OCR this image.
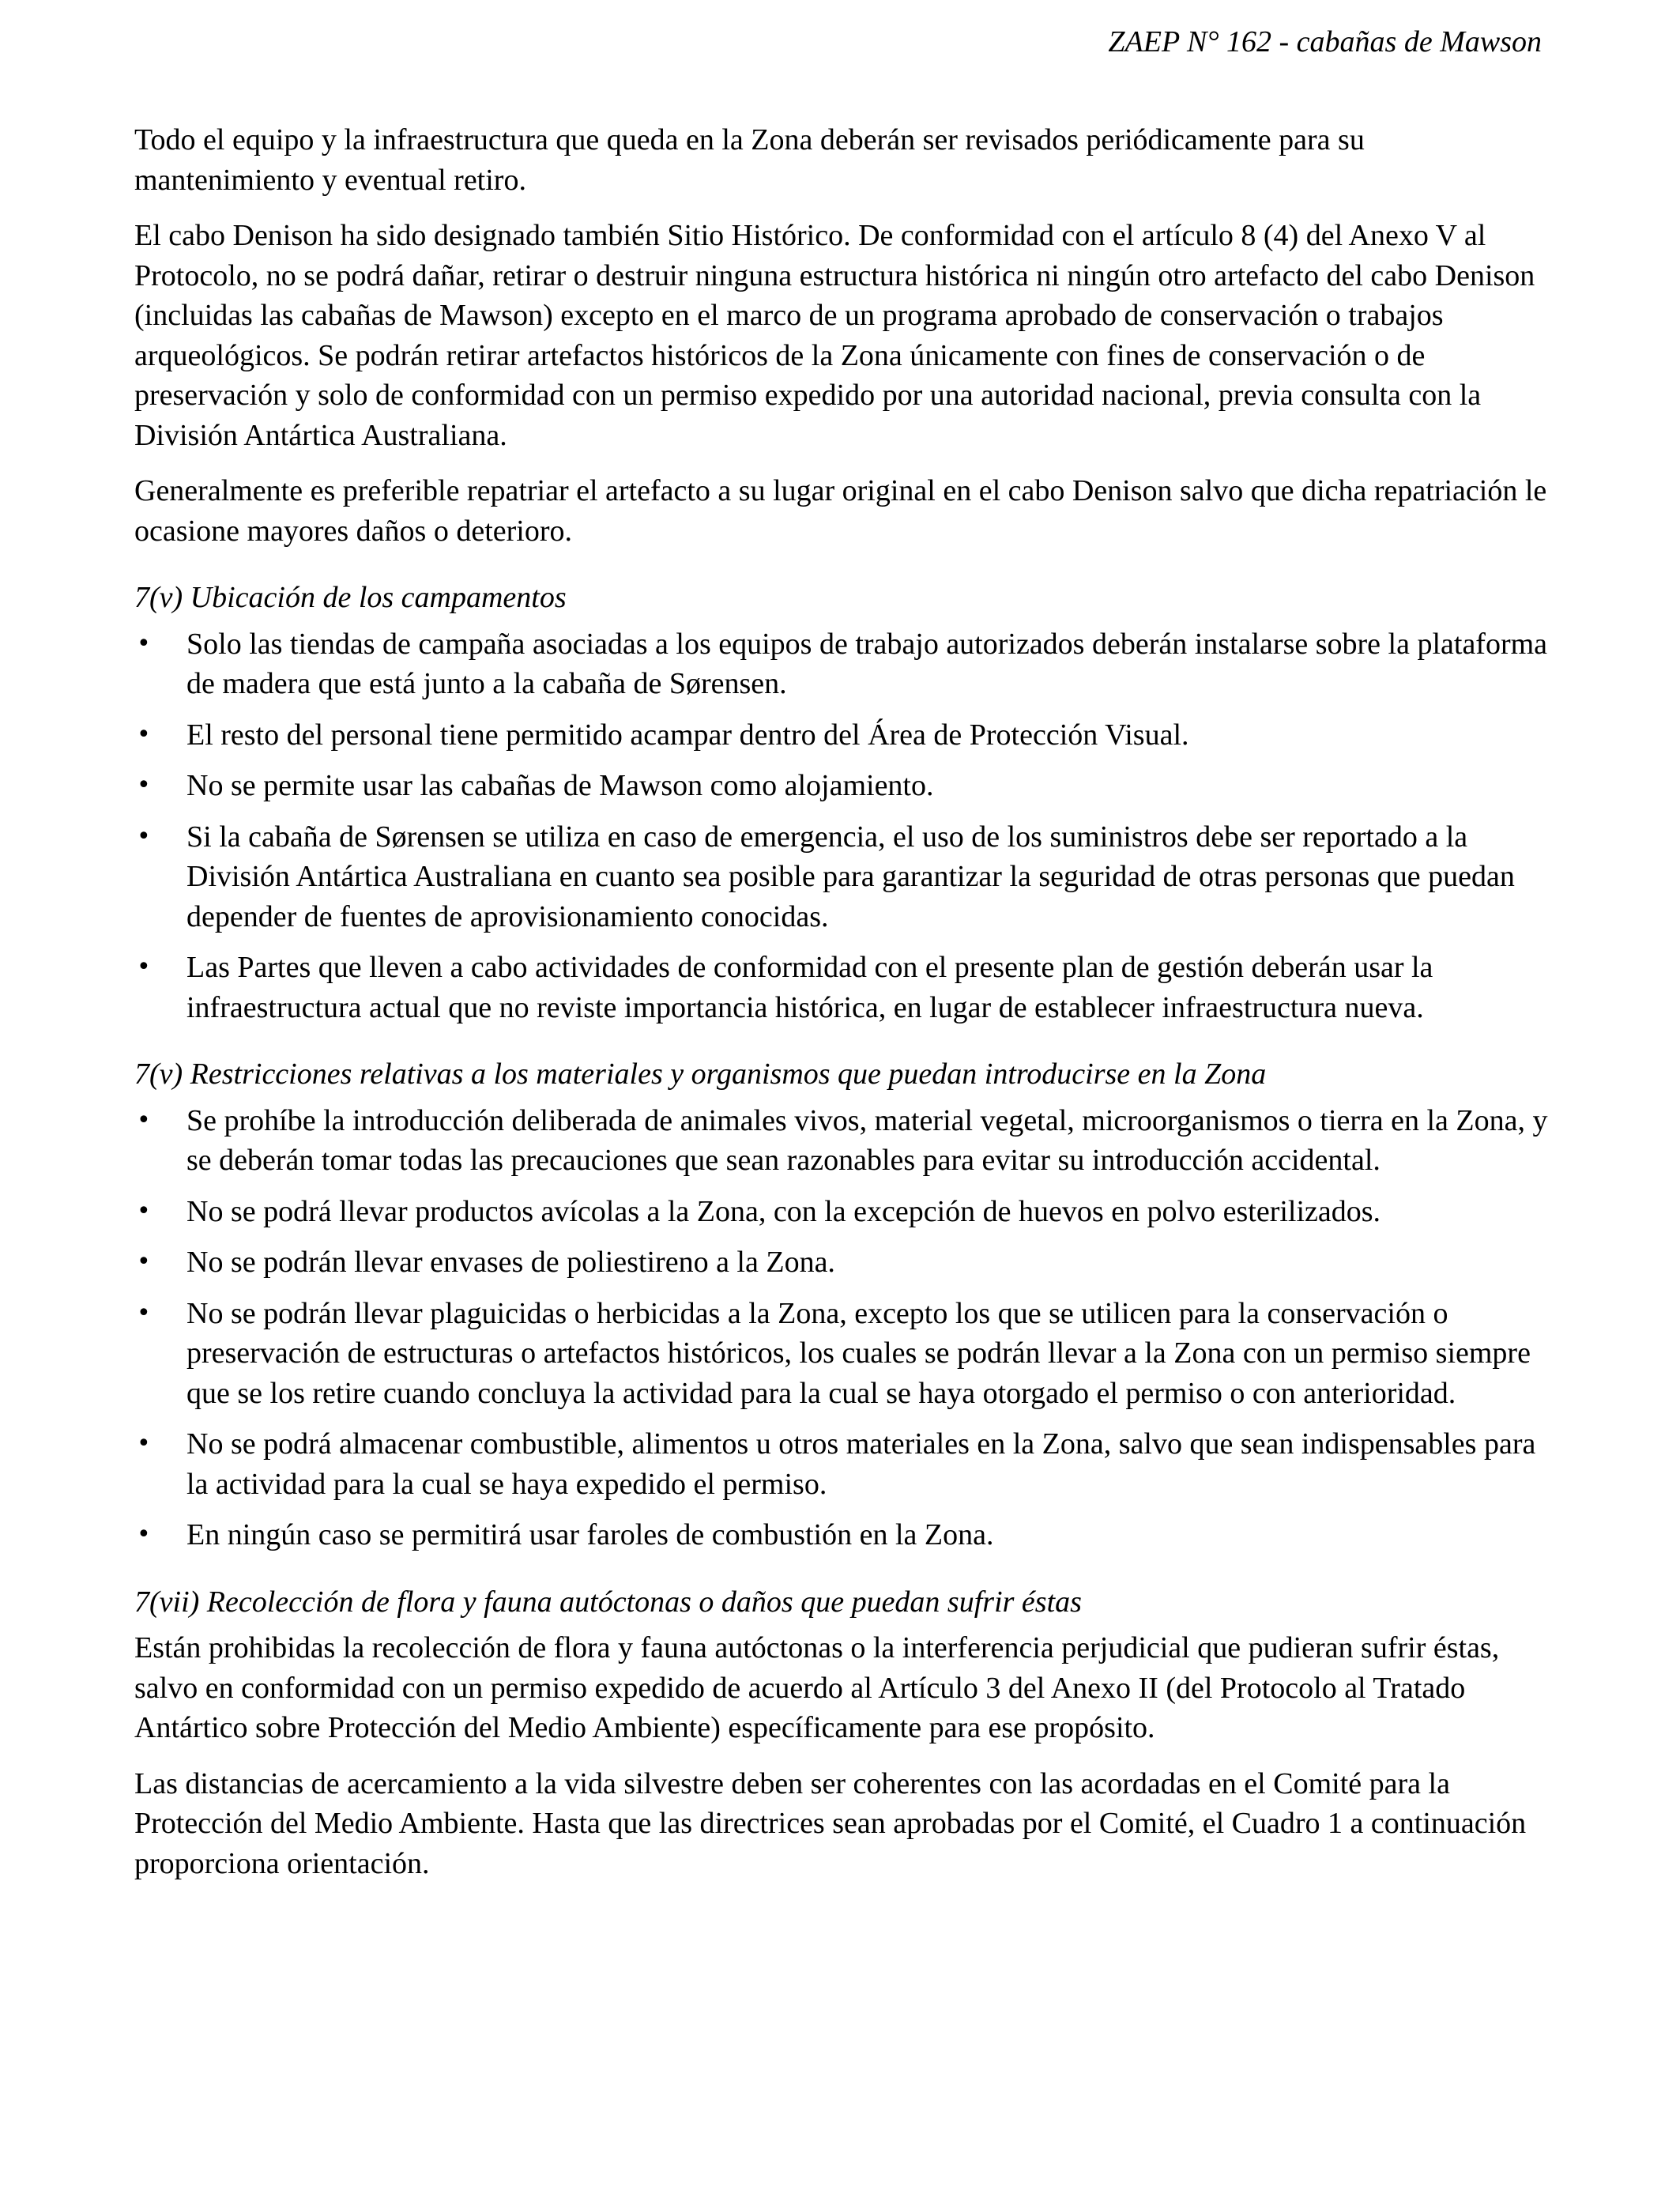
ZAEP N° 162 - cabañas de Mawson

Todo el equipo y la infraestructura que queda en la Zona deberán ser revisados periódicamente para su mantenimiento y eventual retiro.

El cabo Denison ha sido designado también Sitio Histórico. De conformidad con el artículo 8 (4) del Anexo V al Protocolo, no se podrá dañar, retirar o destruir ninguna estructura histórica ni ningún otro artefacto del cabo Denison (incluidas las cabañas de Mawson) excepto en el marco de un programa aprobado de conservación o trabajos arqueológicos. Se podrán retirar artefactos históricos de la Zona únicamente con fines de conservación o de preservación y solo de conformidad con un permiso expedido por una autoridad nacional, previa consulta con la División Antártica Australiana.

Generalmente es preferible repatriar el artefacto a su lugar original en el cabo Denison salvo que dicha repatriación le ocasione mayores daños o deterioro.

7(v) Ubicación de los campamentos
• Solo las tiendas de campaña asociadas a los equipos de trabajo autorizados deberán instalarse sobre la plataforma de madera que está junto a la cabaña de Sørensen.
• El resto del personal tiene permitido acampar dentro del Área de Protección Visual.
• No se permite usar las cabañas de Mawson como alojamiento.
• Si la cabaña de Sørensen se utiliza en caso de emergencia, el uso de los suministros debe ser reportado a la División Antártica Australiana en cuanto sea posible para garantizar la seguridad de otras personas que puedan depender de fuentes de aprovisionamiento conocidas.
• Las Partes que lleven a cabo actividades de conformidad con el presente plan de gestión deberán usar la infraestructura actual que no reviste importancia histórica, en lugar de establecer infraestructura nueva.
7(v) Restricciones relativas a los materiales y organismos que puedan introducirse en la Zona
• Se prohíbe la introducción deliberada de animales vivos, material vegetal, microorganismos o tierra en la Zona, y se deberán tomar todas las precauciones que sean razonables para evitar su introducción accidental.
• No se podrá llevar productos avícolas a la Zona, con la excepción de huevos en polvo esterilizados.
• No se podrán llevar envases de poliestireno a la Zona.
• No se podrán llevar plaguicidas o herbicidas a la Zona, excepto los que se utilicen para la conservación o preservación de estructuras o artefactos históricos, los cuales se podrán llevar a la Zona con un permiso siempre que se los retire cuando concluya la actividad para la cual se haya otorgado el permiso o con anterioridad.
• No se podrá almacenar combustible, alimentos u otros materiales en la Zona, salvo que sean indispensables para la actividad para la cual se haya expedido el permiso.
• En ningún caso se permitirá usar faroles de combustión en la Zona.
7(vii) Recolección de flora y fauna autóctonas o daños que puedan sufrir éstas

Están prohibidas la recolección de flora y fauna autóctonas o la interferencia perjudicial que pudieran sufrir éstas, salvo en conformidad con un permiso expedido de acuerdo al Artículo 3 del Anexo II (del Protocolo al Tratado Antártico sobre Protección del Medio Ambiente) específicamente para ese propósito.

Las distancias de acercamiento a la vida silvestre deben ser coherentes con las acordadas en el Comité para la Protección del Medio Ambiente. Hasta que las directrices sean aprobadas por el Comité, el Cuadro 1 a continuación proporciona orientación.
